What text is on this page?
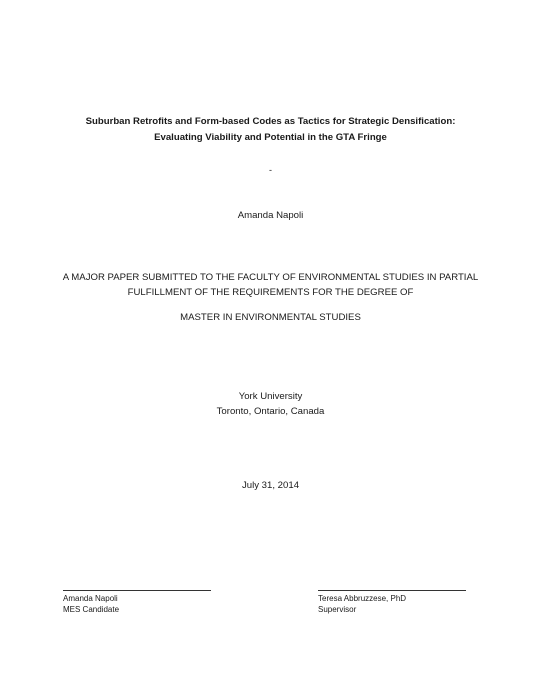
Suburban Retrofits and Form-based Codes as Tactics for Strategic Densification:
Evaluating Viability and Potential in the GTA Fringe
-
Amanda Napoli
A MAJOR PAPER SUBMITTED TO THE FACULTY OF ENVIRONMENTAL STUDIES IN PARTIAL
FULFILLMENT OF THE REQUIREMENTS FOR THE DEGREE OF
MASTER IN ENVIRONMENTAL STUDIES
York University
Toronto, Ontario, Canada
July 31, 2014
Amanda Napoli
MES Candidate
Teresa Abbruzzese, PhD
Supervisor
